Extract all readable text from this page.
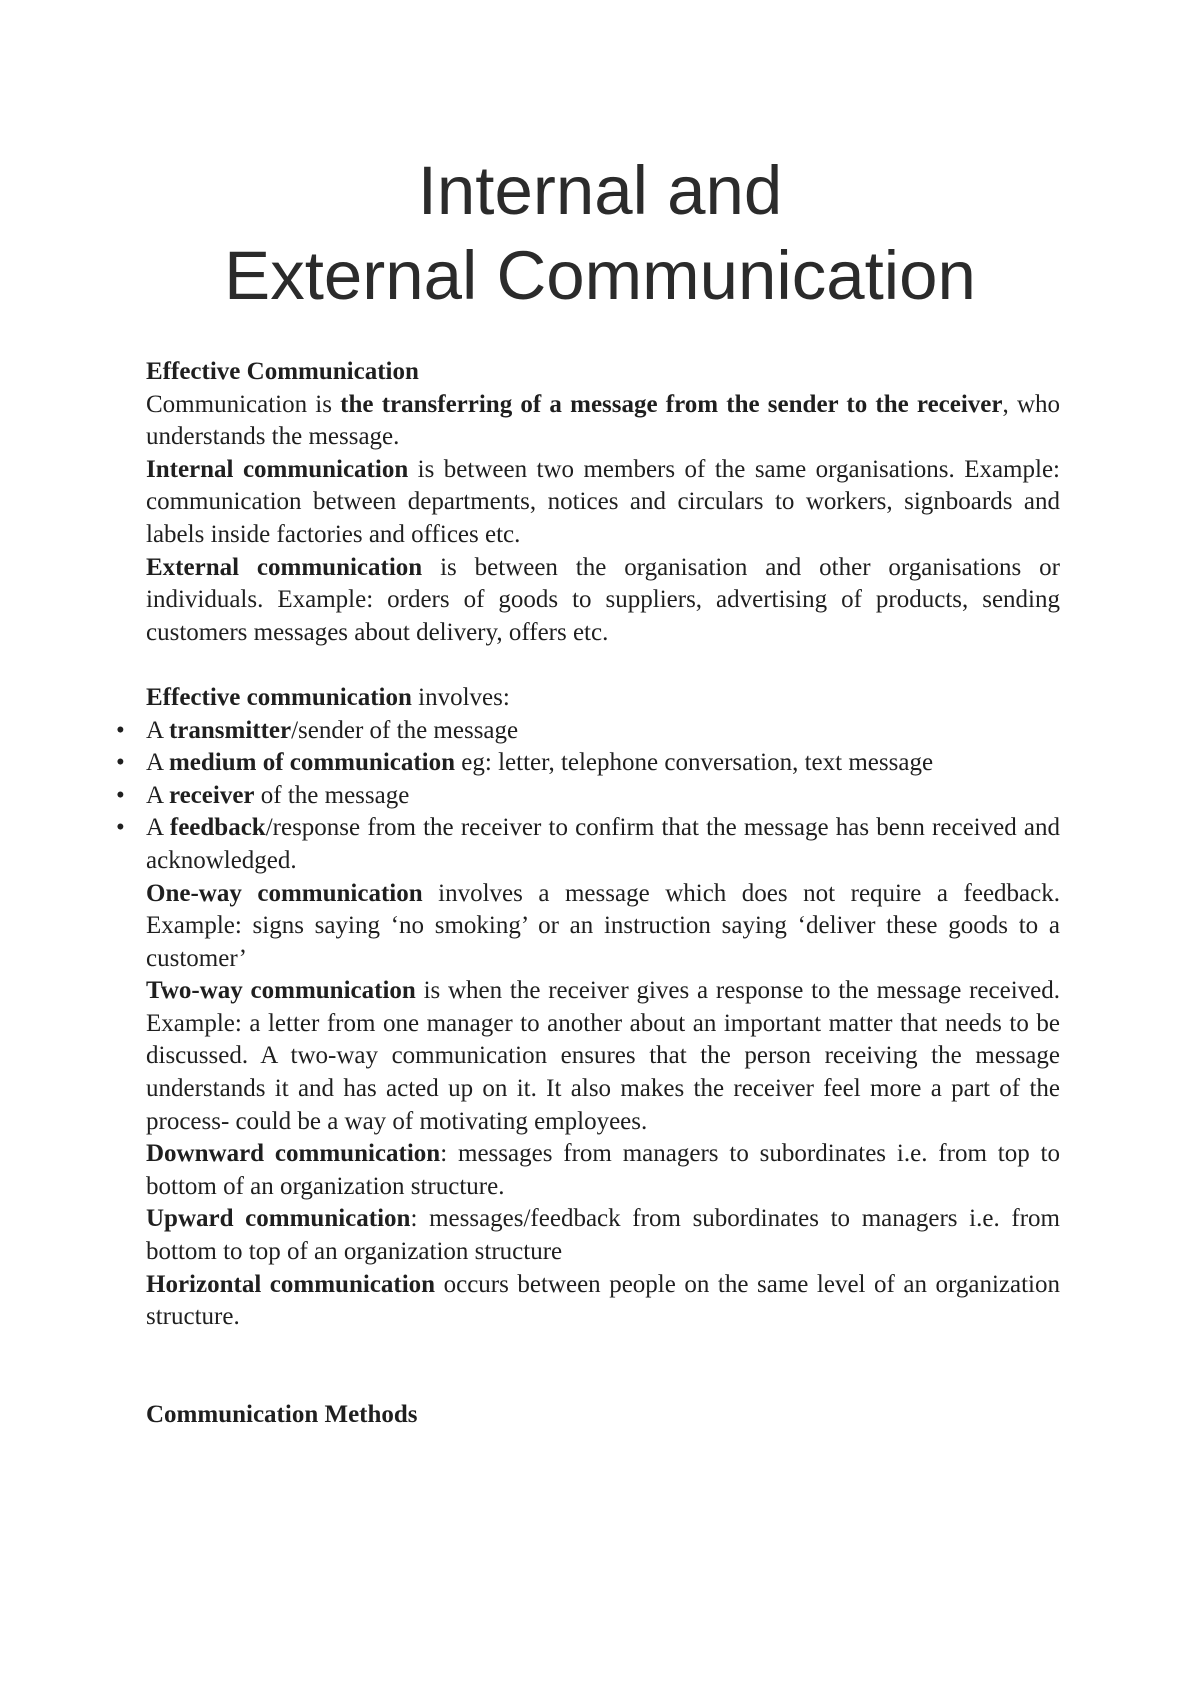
Internal and
External Communication

Effective Communication

Communication is the transferring of a message from the sender to the receiver, who understands the message.

Internal communication is between two members of the same organisations. Example: communication between departments, notices and circulars to workers, signboards and labels inside factories and offices etc.

External communication is between the organisation and other organisations or individuals. Example: orders of goods to suppliers, advertising of products, sending customers messages about delivery, offers etc.

Effective communication involves:

• A transmitter/sender of the message
• A medium of communication eg: letter, telephone conversation, text message
• A receiver of the message
• A feedback/response from the receiver to confirm that the message has benn received and acknowledged.

One-way communication involves a message which does not require a feedback. Example: signs saying ‘no smoking’ or an instruction saying ‘deliver these goods to a customer’

Two-way communication is when the receiver gives a response to the message received. Example: a letter from one manager to another about an important matter that needs to be discussed. A two-way communication ensures that the person receiving the message understands it and has acted up on it. It also makes the receiver feel more a part of the process- could be a way of motivating employees.

Downward communication: messages from managers to subordinates i.e. from top to bottom of an organization structure.

Upward communication: messages/feedback from subordinates to managers i.e. from bottom to top of an organization structure

Horizontal communication occurs between people on the same level of an organization structure.

Communication Methods
